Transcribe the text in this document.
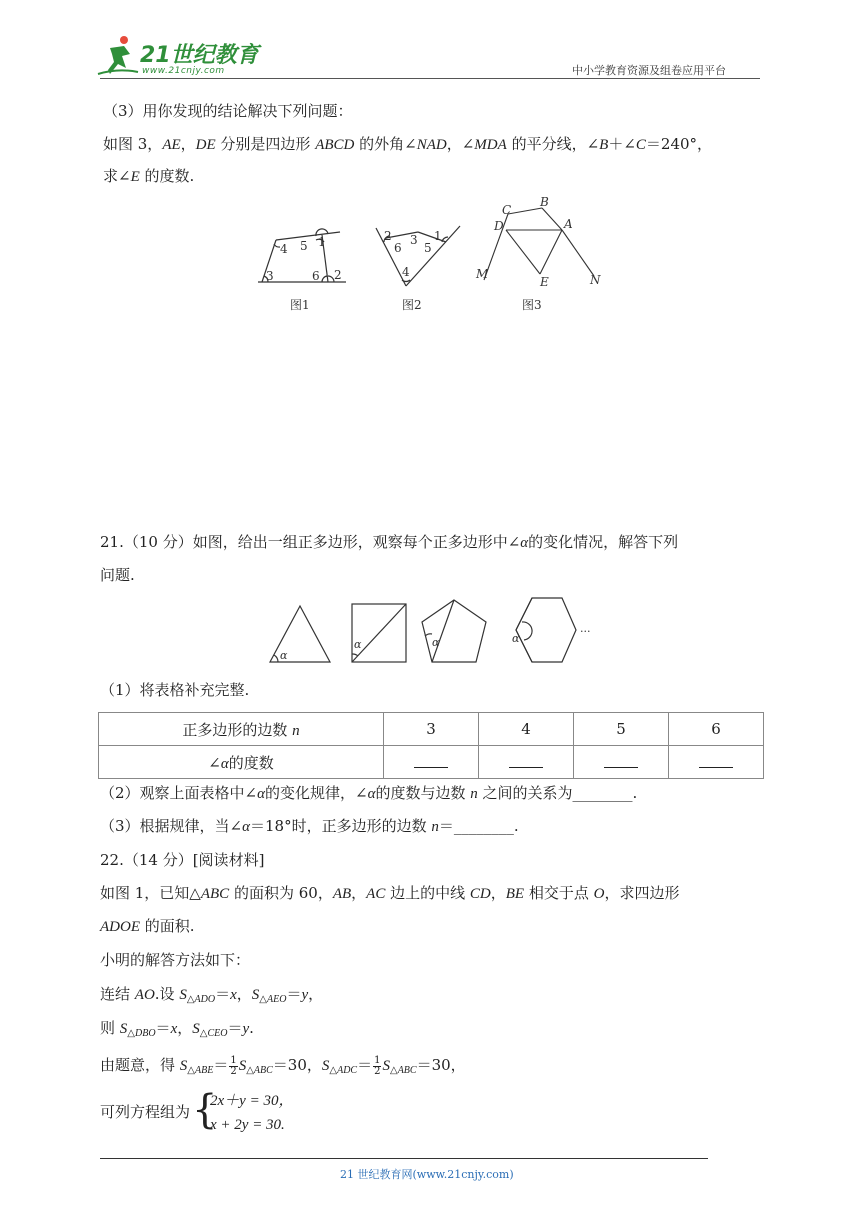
21世纪教育
www.21cnjy.com	中小学教育资源及组卷应用平台
（3）用你发现的结论解决下列问题：
如图 3，AE，DE 分别是四边形 ABCD 的外角∠NAD，∠MDA 的平分线，∠B＋∠C＝240°，
求∠E 的度数.
4 5 1
3	6 2
图1
2 3 1
6 5
4
图2
C
B
D	A
M
E	N
图3
21.（10 分）如图，给出一组正多边形，观察每个正多边形中∠α的变化情况，解答下列
问题.
α
α	α	α
...
（1）将表格补充完整.
正多边形的边数 n	3	4	5	6
∠α的度数				
（2）观察上面表格中∠α的变化规律，∠α的度数与边数 n 之间的关系为________.
（3）根据规律，当∠α＝18°时，正多边形的边数 n＝________.
22.（14 分）[阅读材料]
如图 1，已知△ABC 的面积为 60，AB，AC 边上的中线 CD，BE 相交于点 O，求四边形
ADOE 的面积.
小明的解答方法如下：
连结 AO.设 $S_{\triangle ADO}=x$，$S_{\triangle AEO}=y$，
则 $S_{\triangle DBO}=x$，$S_{\triangle CEO}=y$.
由题意，得 $S_{\triangle ABE}= \frac{1}{2} S_{\triangle ABC}=30$，$S_{\triangle ADC}= \frac{1}{2} S_{\triangle ABC}=30$，
可列方程组为 {
2x＋y = 30，
x + 2y = 30.
21 世纪教育网(www.21cnjy.com)
